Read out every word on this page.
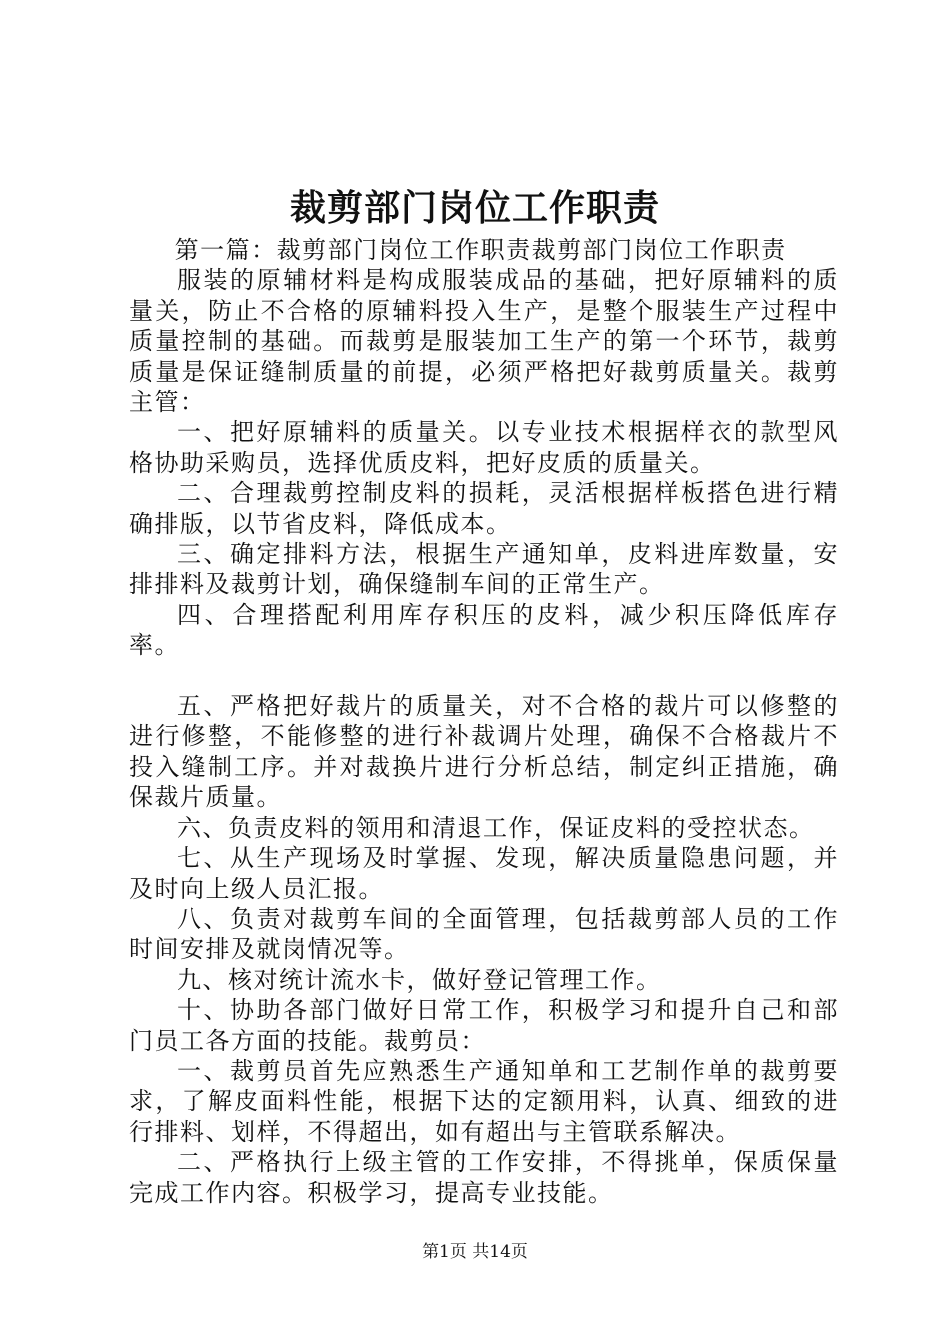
裁剪部门岗位工作职责

第一篇：裁剪部门岗位工作职责裁剪部门岗位工作职责

服装的原辅材料是构成服装成品的基础，把好原辅料的质量关，防止不合格的原辅料投入生产，是整个服装生产过程中质量控制的基础。而裁剪是服装加工生产的第一个环节，裁剪质量是保证缝制质量的前提，必须严格把好裁剪质量关。裁剪主管：

一、把好原辅料的质量关。以专业技术根据样衣的款型风格协助采购员，选择优质皮料，把好皮质的质量关。

二、合理裁剪控制皮料的损耗，灵活根据样板搭色进行精确排版，以节省皮料，降低成本。

三、确定排料方法，根据生产通知单，皮料进库数量，安排排料及裁剪计划，确保缝制车间的正常生产。

四、合理搭配利用库存积压的皮料，减少积压降低库存率。

五、严格把好裁片的质量关，对不合格的裁片可以修整的进行修整，不能修整的进行补裁调片处理，确保不合格裁片不投入缝制工序。并对裁换片进行分析总结，制定纠正措施，确保裁片质量。

六、负责皮料的领用和清退工作，保证皮料的受控状态。

七、从生产现场及时掌握、发现，解决质量隐患问题，并及时向上级人员汇报。

八、负责对裁剪车间的全面管理，包括裁剪部人员的工作时间安排及就岗情况等。

九、核对统计流水卡，做好登记管理工作。

十、协助各部门做好日常工作，积极学习和提升自己和部门员工各方面的技能。裁剪员：

一、裁剪员首先应熟悉生产通知单和工艺制作单的裁剪要求，了解皮面料性能，根据下达的定额用料，认真、细致的进行排料、划样，不得超出，如有超出与主管联系解决。

二、严格执行上级主管的工作安排，不得挑单，保质保量完成工作内容。积极学习，提高专业技能。

第1页 共14页
